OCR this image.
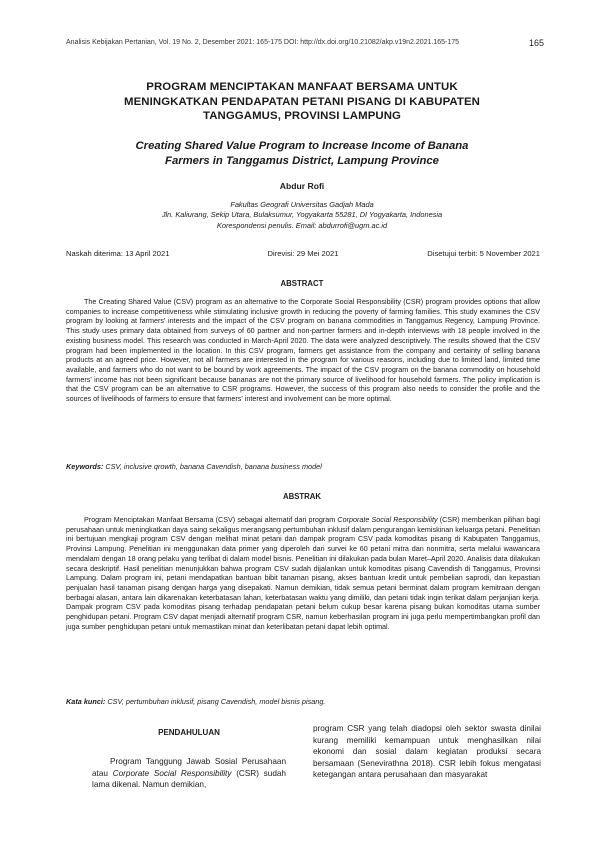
Analisis Kebijakan Pertanian, Vol. 19 No. 2, Desember 2021: 165-175 DOI: http://dx.doi.org/10.21082/akp.v19n2.2021.165-175	165
PROGRAM MENCIPTAKAN MANFAAT BERSAMA UNTUK
MENINGKATKAN PENDAPATAN PETANI PISANG DI KABUPATEN
TANGGAMUS, PROVINSI LAMPUNG
Creating Shared Value Program to Increase Income of Banana
Farmers in Tanggamus District, Lampung Province
Abdur Rofi
Fakultas Geografi Universitas Gadjah Mada
Jln. Kaliurang, Sekip Utara, Bulaksumur, Yogyakarta 55281, DI Yogyakarta, Indonesia
Korespondensi penulis. Email: abdurrofi@ugm.ac.id
Naskah diterima: 13 April 2021	Direvisi: 29 Mei 2021	Disetujui terbit: 5 November 2021
ABSTRACT

The Creating Shared Value (CSV) program as an alternative to the Corporate Social Responsibility (CSR) program provides options that allow companies to increase competitiveness while stimulating inclusive growth in reducing the poverty of farming families. This study examines the CSV program by looking at farmers' interests and the impact of the CSV program on banana commodities in Tanggamus Regency, Lampung Province. This study uses primary data obtained from surveys of 60 partner and non-partner farmers and in-depth interviews with 18 people involved in the existing business model. This research was conducted in March-April 2020. The data were analyzed descriptively. The results showed that the CSV program had been implemented in the location. In this CSV program, farmers get assistance from the company and certainty of selling banana products at an agreed price. However, not all farmers are interested in the program for various reasons, including due to limited land, limited time available, and farmers who do not want to be bound by work agreements. The impact of the CSV program on the banana commodity on household farmers' income has not been significant because bananas are not the primary source of livelihood for household farmers. The policy implication is that the CSV program can be an alternative to CSR programs. However, the success of this program also needs to consider the profile and the sources of livelihoods of farmers to ensure that farmers' interest and involvement can be more optimal.

Keywords: CSV, inclusive qrowth, banana Cavendish, banana business model

ABSTRAK

Program Menciptakan Manfaat Bersama (CSV) sebagai alternatif dari program Corporate Social Responsibility (CSR) memberikan pilihan bagi perusahaan untuk meningkatkan daya saing sekaligus merangsang pertumbuhan inklusif dalam pengurangan kemiskinan keluarga petani. Penelitian ini bertujuan mengkaji program CSV dengan melihat minat petani dan dampak program CSV pada komoditas pisang di Kabupaten Tanggamus, Provinsi Lampung. Penelitian ini menggunakan data primer yang diperoleh dari survei ke 60 petani mitra dan nonmitra, serta melalui wawancara mendalam dengan 18 orang pelaku yang terlibat di dalam model bisnis. Penelitian ini dilakukan pada bulan Maret–April 2020. Analisis data dilakukan secara deskriptif. Hasil penelitian menunjukkan bahwa program CSV sudah dijalankan untuk komoditas pisang Cavendish di Tanggamus, Provinsi Lampung. Dalam program ini, petani mendapatkan bantuan bibit tanaman pisang, akses bantuan kredit untuk pembelian saprodi, dan kepastian penjualan hasil tanaman pisang dengan harga yang disepakati. Namun demikian, tidak semua petani berminat dalam program kemitraan dengan berbagai alasan, antara lain dikarenakan keterbatasan lahan, keterbatasan waktu yang dimiliki, dan petani tidak ingin terikat dalam perjanjian kerja. Dampak program CSV pada komoditas pisang terhadap pendapatan petani belum cukup besar karena pisang bukan komoditas utama sumber penghidupan petani. Program CSV dapat menjadi alternatif program CSR, namun keberhasilan program ini juga perlu mempertimbangkan profil dan juga sumber penghidupan petani untuk memastikan minat dan keterlibatan petani dapat lebih optimal.

Kata kunci: CSV, pertumbuhan inklusif, pisang Cavendish, model bisnis pisang.

PENDAHULUAN

Program Tanggung Jawab Sosial Perusahaan atau Corporate Social Responsibility (CSR) sudah lama dikenal. Namun demikian,

program CSR yang telah diadopsi oleh sektor swasta dinilai kurang memiliki kemampuan untuk menghasilkan nilai ekonomi dan sosial dalam kegiatan produksi secara bersamaan (Senevirathna 2018). CSR lebih fokus mengatasi ketegangan antara perusahaan dan masyarakat
